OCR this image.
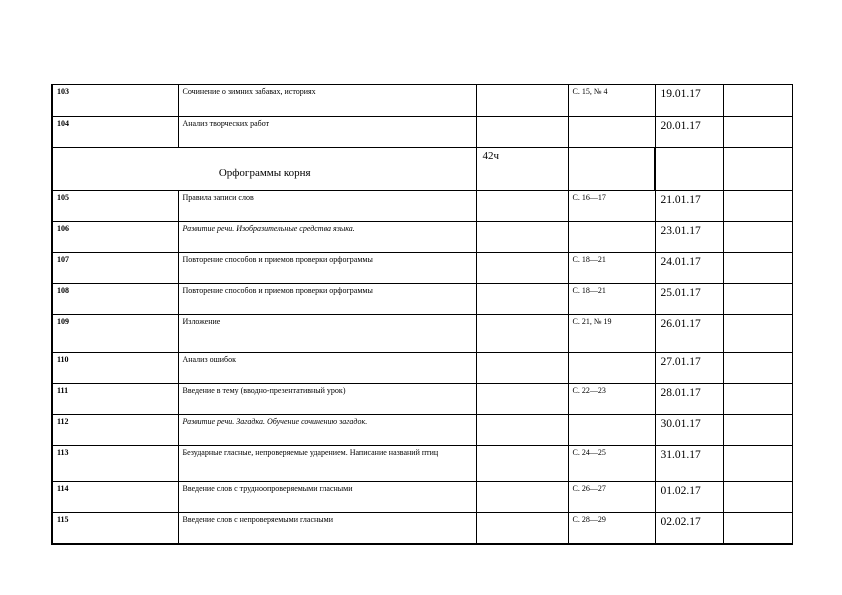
103	Сочинение о зимних забавах, историях		С. 15, № 4	19.01.17	
104	Анализ творческих работ			20.01.17	
Орфограммы корня		42ч			
105	Правила записи слов		С. 16—17	21.01.17	
106	Развитие речи. Изобразительные средства языка.			23.01.17	
107	Повторение способов и приемов проверки орфограммы		С. 18—21	24.01.17	
108	Повторение способов и приемов проверки орфограммы		С. 18—21	25.01.17	
109	Изложение		С. 21, № 19	26.01.17	
110	Анализ ошибок			27.01.17	
111	Введение в тему (вводно-презентативный урок)		С. 22—23	28.01.17	
112	Развитие речи. Загадка. Обучение сочинению загадок.			30.01.17	
113	Безударные гласные, непроверяемые ударением. Написание названий птиц		С. 24—25	31.01.17	
114	Введение слов с трудноопроверяемыми гласными		С. 26—27	01.02.17	
115	Введение слов с непроверяемыми гласными		С. 28—29	02.02.17	
